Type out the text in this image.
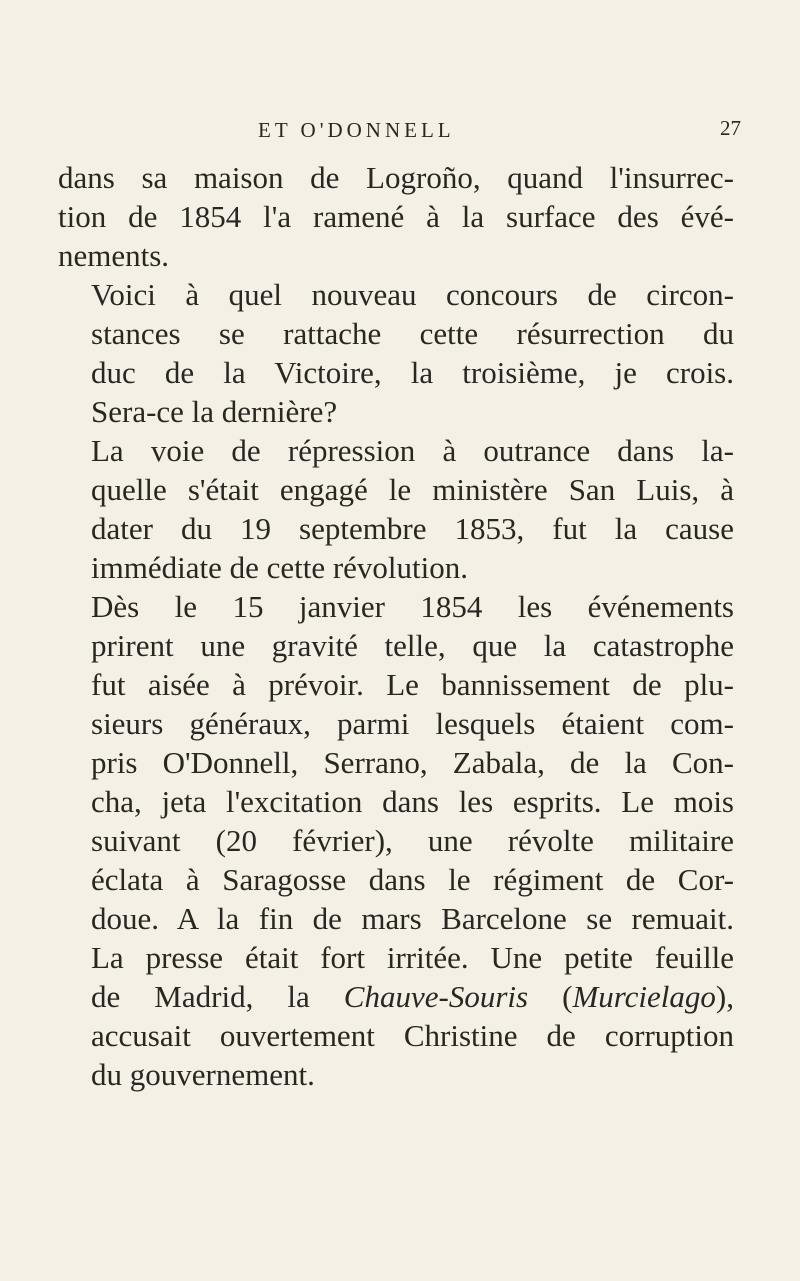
ET O'DONNELL	27

dans sa maison de Logroño, quand l'insurrec-
tion de 1854 l'a ramené à la surface des évé-
nements.

Voici à quel nouveau concours de circon-
stances se rattache cette résurrection du
duc de la Victoire, la troisième, je crois.
Sera-ce la dernière?

La voie de répression à outrance dans la-
quelle s'était engagé le ministère San Luis, à
dater du 19 septembre 1853, fut la cause
immédiate de cette révolution.

Dès le 15 janvier 1854 les événements
prirent une gravité telle, que la catastrophe
fut aisée à prévoir. Le bannissement de plu-
sieurs généraux, parmi lesquels étaient com-
pris O'Donnell, Serrano, Zabala, de la Con-
cha, jeta l'excitation dans les esprits. Le mois
suivant (20 février), une révolte militaire
éclata à Saragosse dans le régiment de Cor-
doue. A la fin de mars Barcelone se remuait.
La presse était fort irritée. Une petite feuille
de Madrid, la Chauve-Souris (Murcielago),
accusait ouvertement Christine de corruption
du gouvernement.
